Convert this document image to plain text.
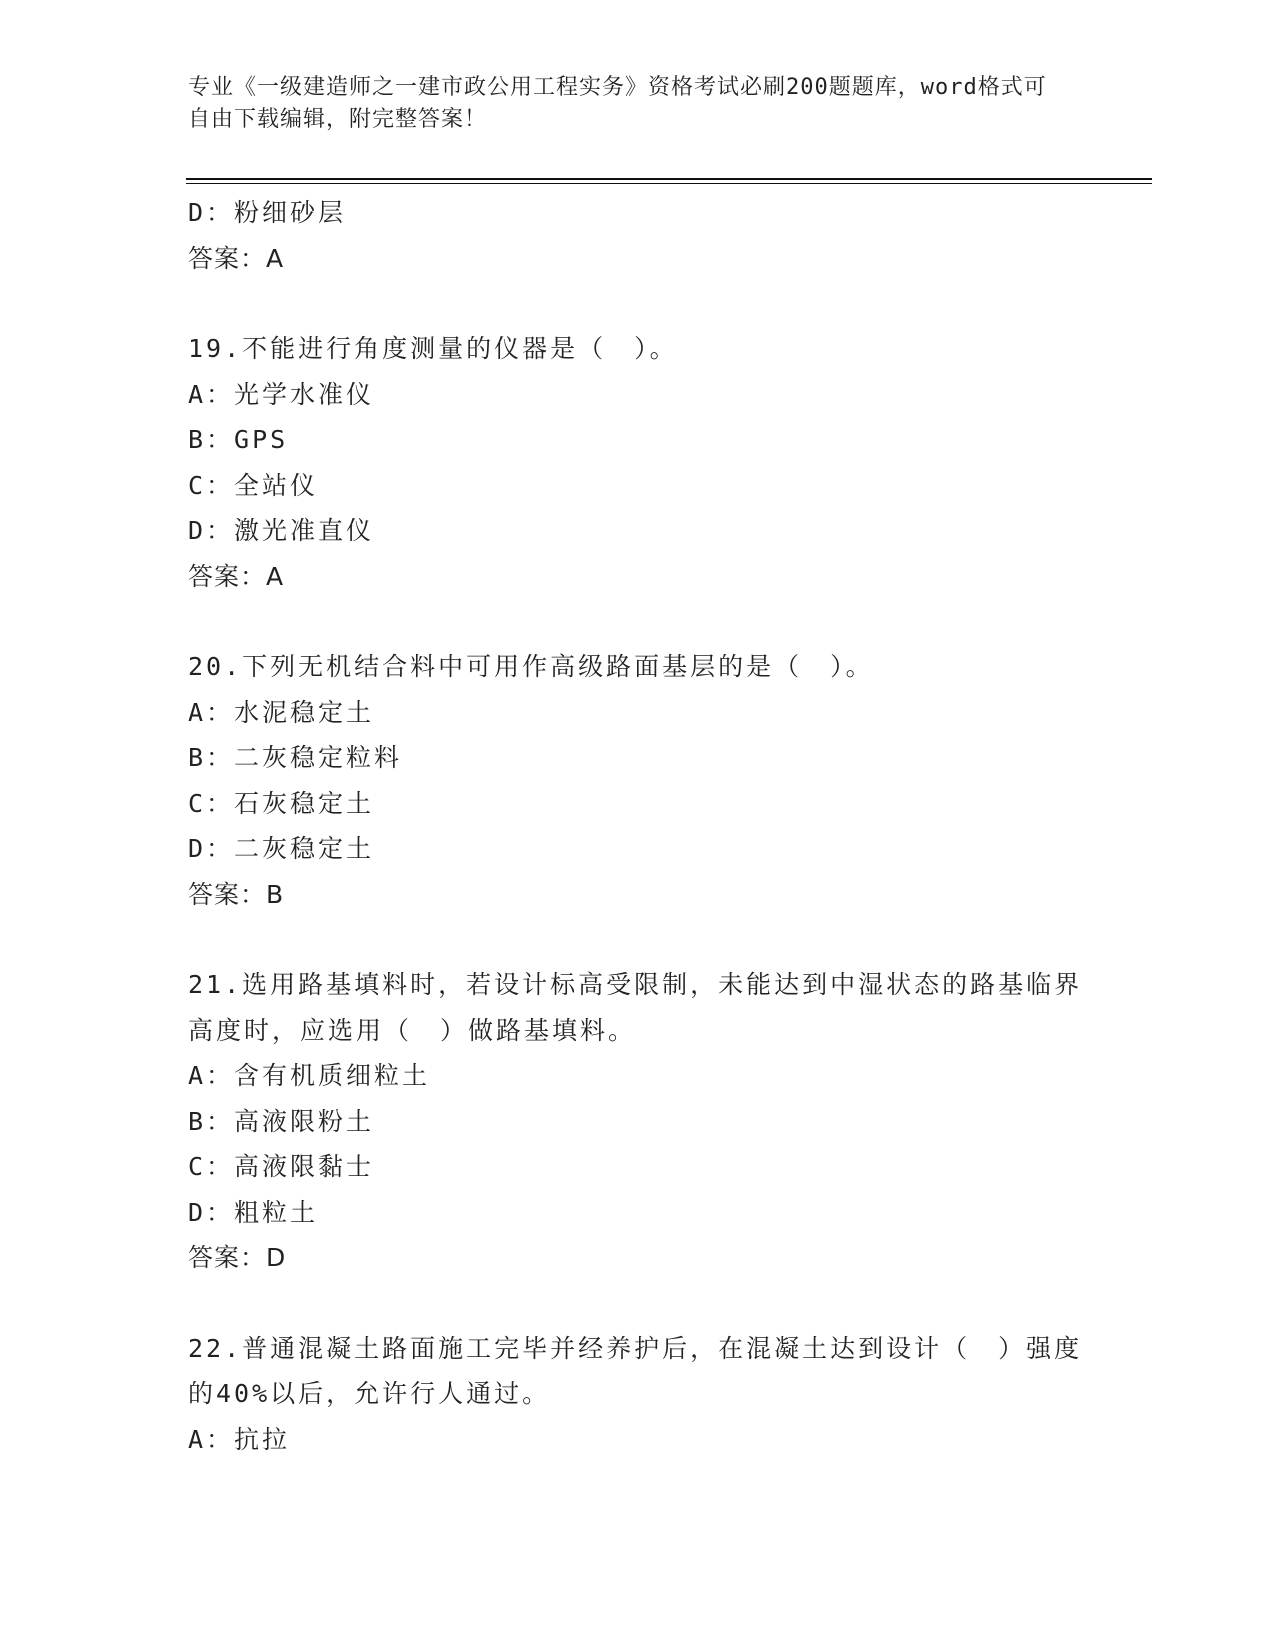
专业《一级建造师之一建市政公用工程实务》资格考试必刷200题题库，word格式可自由下载编辑，附完整答案！
D：粉细砂层
答案：A
19.不能进行角度测量的仪器是（　）。
A：光学水准仪
B：GPS
C：全站仪
D：激光准直仪
答案：A
20.下列无机结合料中可用作高级路面基层的是（　）。
A：水泥稳定土
B：二灰稳定粒料
C：石灰稳定土
D：二灰稳定土
答案：B
21.选用路基填料时，若设计标高受限制，未能达到中湿状态的路基临界高度时，应选用（　）做路基填料。
A：含有机质细粒土
B：高液限粉土
C：高液限黏士
D：粗粒土
答案：D
22.普通混凝土路面施工完毕并经养护后，在混凝土达到设计（　）强度的40%以后，允许行人通过。
A：抗拉
